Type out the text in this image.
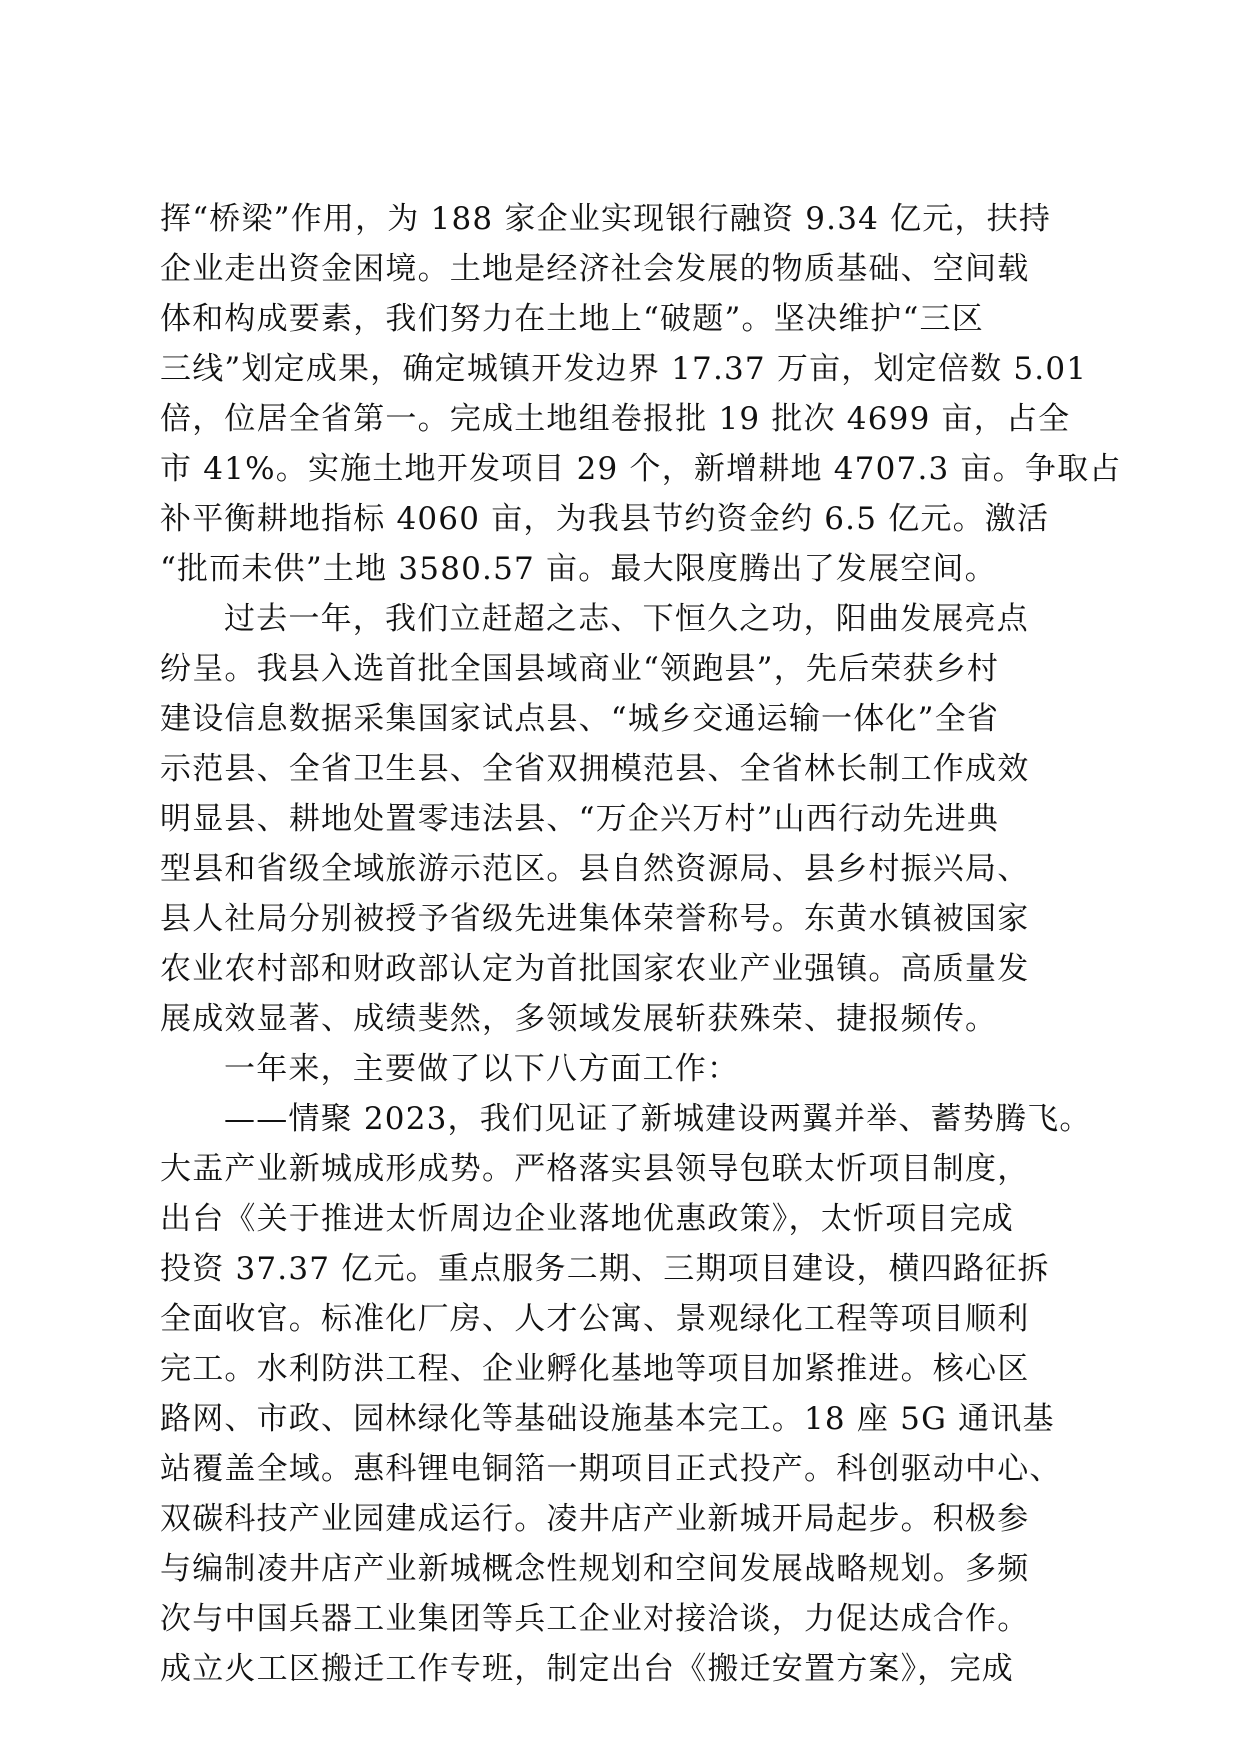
挥“桥梁”作用，为 188 家企业实现银行融资 9.34 亿元，扶持
企业走出资金困境。土地是经济社会发展的物质基础、空间载
体和构成要素，我们努力在土地上“破题”。坚决维护“三区
三线”划定成果，确定城镇开发边界 17.37 万亩，划定倍数 5.01
倍，位居全省第一。完成土地组卷报批 19 批次 4699 亩，占全
市 41%。实施土地开发项目 29 个，新增耕地 4707.3 亩。争取占
补平衡耕地指标 4060 亩，为我县节约资金约 6.5 亿元。激活
“批而未供”土地 3580.57 亩。最大限度腾出了发展空间。
过去一年，我们立赶超之志、下恒久之功，阳曲发展亮点
纷呈。我县入选首批全国县域商业“领跑县”，先后荣获乡村
建设信息数据采集国家试点县、“城乡交通运输一体化”全省
示范县、全省卫生县、全省双拥模范县、全省林长制工作成效
明显县、耕地处置零违法县、“万企兴万村”山西行动先进典
型县和省级全域旅游示范区。县自然资源局、县乡村振兴局、
县人社局分别被授予省级先进集体荣誉称号。东黄水镇被国家
农业农村部和财政部认定为首批国家农业产业强镇。高质量发
展成效显著、成绩斐然，多领域发展斩获殊荣、捷报频传。
一年来，主要做了以下八方面工作：
——情聚 2023，我们见证了新城建设两翼并举、蓄势腾飞。
大盂产业新城成形成势。严格落实县领导包联太忻项目制度，
出台《关于推进太忻周边企业落地优惠政策》，太忻项目完成
投资 37.37 亿元。重点服务二期、三期项目建设，横四路征拆
全面收官。标准化厂房、人才公寓、景观绿化工程等项目顺利
完工。水利防洪工程、企业孵化基地等项目加紧推进。核心区
路网、市政、园林绿化等基础设施基本完工。18 座 5G 通讯基
站覆盖全域。惠科锂电铜箔一期项目正式投产。科创驱动中心、
双碳科技产业园建成运行。凌井店产业新城开局起步。积极参
与编制凌井店产业新城概念性规划和空间发展战略规划。多频
次与中国兵器工业集团等兵工企业对接洽谈，力促达成合作。
成立火工区搬迁工作专班，制定出台《搬迁安置方案》，完成
